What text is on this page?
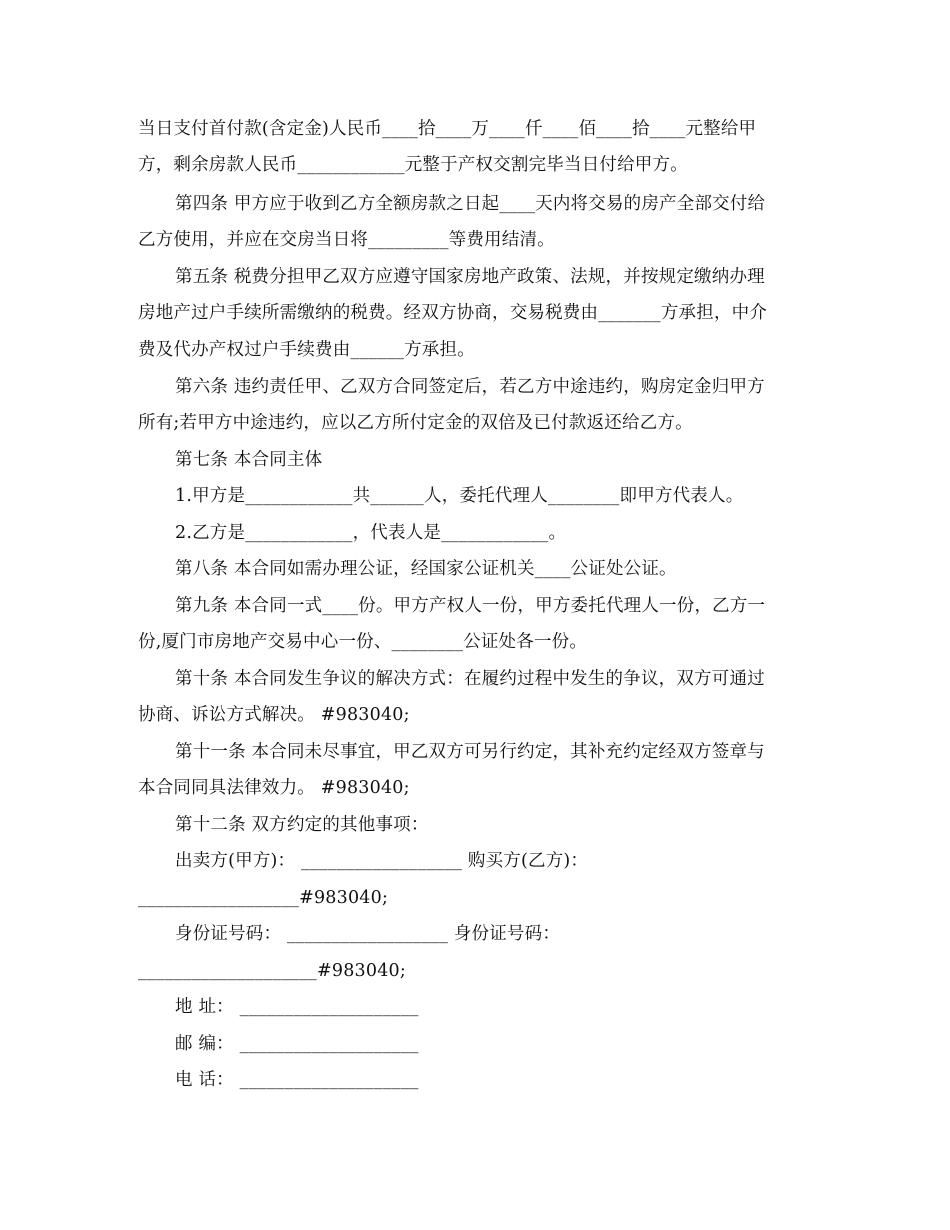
当日支付首付款(含定金)人民币____拾____万____仟____佰____拾____元整给甲
方，剩余房款人民币____________元整于产权交割完毕当日付给甲方。
第四条 甲方应于收到乙方全额房款之日起____天内将交易的房产全部交付给
乙方使用，并应在交房当日将_________等费用结清。
第五条 税费分担甲乙双方应遵守国家房地产政策、法规，并按规定缴纳办理
房地产过户手续所需缴纳的税费。经双方协商，交易税费由_______方承担，中介
费及代办产权过户手续费由______方承担。
第六条 违约责任甲、乙双方合同签定后，若乙方中途违约，购房定金归甲方
所有;若甲方中途违约，应以乙方所付定金的双倍及已付款返还给乙方。
第七条 本合同主体
1.甲方是____________共______人，委托代理人________即甲方代表人。
2.乙方是____________，代表人是____________。
第八条 本合同如需办理公证，经国家公证机关____公证处公证。
第九条 本合同一式____份。甲方产权人一份，甲方委托代理人一份，乙方一
份,厦门市房地产交易中心一份、________公证处各一份。
第十条 本合同发生争议的解决方式：在履约过程中发生的争议，双方可通过
协商、诉讼方式解决。 #983040;
第十一条 本合同未尽事宜，甲乙双方可另行约定，其补充约定经双方签章与
本合同同具法律效力。 #983040;
第十二条 双方约定的其他事项：
出卖方(甲方)： __________________ 购买方(乙方)：
__________________#983040;
身份证号码： __________________ 身份证号码：
____________________#983040;
地 址： ____________________
邮 编： ____________________
电 话： ____________________
